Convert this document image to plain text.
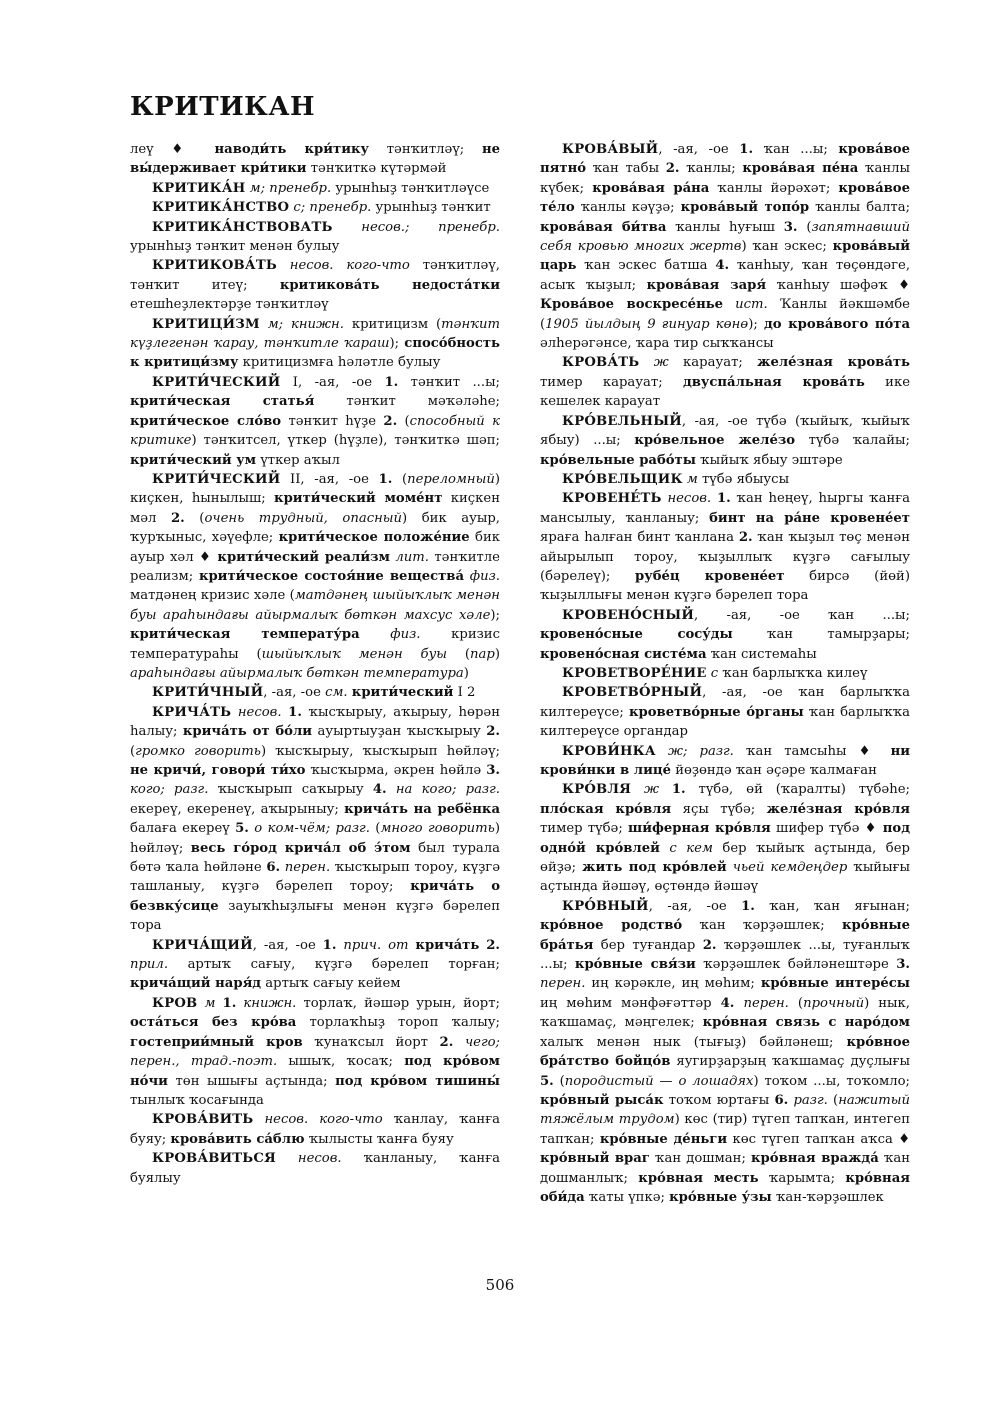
КРИТИКАН

леү ♦ наводи́ть кри́тику тәнҡитләү; не вы́держивает кри́тики тәнҡиткә күтәрмәй

КРИТИКА́Н м; пренебр. урынһыҙ тәнҡитләүсе

КРИТИКА́НСТВО с; пренебр. урынһыҙ тәнҡит

КРИТИКА́НСТВОВАТЬ несов.; пренебр. урынһыҙ тәнҡит менән булыу

КРИТИКОВА́ТЬ несов. кого-что тәнҡитләү, тәнҡит итеү; критикова́ть недоста́тки етешһеҙлектәрҙе тәнҡитләү

КРИТИЦИ́ЗМ м; книжн. критицизм (тәнҡит күҙлегенән ҡарау, тәнҡитле ҡараш); спосо́бность к критици́зму критицизмға һәләтле булыу

КРИТИ́ЧЕСКИЙ I, -ая, -ое 1. тәнҡит ...ы; крити́ческая статья́ тәнҡит мәҡәләһе; крити́ческое сло́во тәнҡит һүҙе 2. (способный к критике) тәнҡитсел, үткер (һүҙле), тәнҡиткә шәп; крити́ческий ум үткер аҡыл

КРИТИ́ЧЕСКИЙ II, -ая, -ое 1. (переломный) киҫкен, һынылыш; крити́ческий моме́нт киҫкен мәл 2. (очень трудный, опасный) бик ауыр, ҡурҡыныс, хәүефле; крити́ческое положе́ние бик ауыр хәл ♦ крити́ческий реали́зм лит. тәнҡитле реализм; крити́ческое состоя́ние вещества́ физ. матдәнең кризис хәле (матдәнең шыйыҡлыҡ менән буы араһындағы айырмалыҡ бөткән махсус хәле); крити́ческая температу́ра физ. кризис температураһы (шыйыҡлыҡ менән буы (пар) араһындағы айырмалыҡ бөткән температура)

КРИТИ́ЧНЫЙ, -ая, -ое см. крити́ческий I 2

КРИЧА́ТЬ несов. 1. ҡысҡырыу, аҡырыу, һөрән һалыу; крича́ть от бо́ли ауыртыуҙан ҡысҡырыу 2. (громко говорить) ҡысҡырыу, ҡысҡырып һөйләү; не кричи́, говори́ ти́хо ҡысҡырма, әкрен һөйлә 3. кого; разг. ҡысҡырып саҡырыу 4. на кого; разг. екереү, екеренеү, аҡырыныу; крича́ть на ребёнка балаға екереү 5. о ком-чём; разг. (много говорить) һөйләү; весь го́род крича́л об э́том был турала бөтә ҡала һөйләне 6. перен. ҡысҡырып тороу, күҙгә ташланыу, күҙгә бәрелеп тороу; крича́ть о безвку́сице зауыҡһыҙлығы менән күҙгә бәрелеп тора

КРИЧА́ЩИЙ, -ая, -ое 1. прич. от крича́ть 2. прил. артыҡ сағыу, күҙгә бәрелеп торған; крича́щий наря́д артыҡ сағыу кейем

КРОВ м 1. книжн. торлаҡ, йәшәр урын, йорт; оста́ться без кро́ва торлаҡһыҙ тороп ҡалыу; гостеприи́мный кров ҡунаҡсыл йорт 2. чего; перен., трад.-поэт. ышыҡ, ҡосаҡ; под кро́вом но́чи төн ышығы аҫтында; под кро́вом тишины́ тынлыҡ ҡосағында

КРОВА́ВИТЬ несов. кого-что ҡанлау, ҡанға буяу; крова́вить са́блю ҡылысты ҡанға буяу

КРОВА́ВИТЬСЯ несов. ҡанланыу, ҡанға буялыу

КРОВА́ВЫЙ, -ая, -ое 1. ҡан ...ы; крова́вое пятно́ ҡан табы 2. ҡанлы; крова́вая пе́на ҡанлы күбек; крова́вая ра́на ҡанлы йәрәхәт; крова́вое те́ло ҡанлы кәүҙә; крова́вый топо́р ҡанлы балта; крова́вая би́тва ҡанлы һуғыш 3. (запятнавший себя кровью многих жертв) ҡан эскес; крова́вый царь ҡан эскес батша 4. ҡанһыу, ҡан төҫөндәге, асыҡ ҡыҙыл; крова́вая заря́ ҡанһыу шәфәҡ ♦ Крова́вое воскресе́нье ист. Ҡанлы йәкшәмбе (1905 йылдың 9 ғинуар көнө); до крова́вого по́та әлһерәгәнсе, ҡара тир сыҡҡансы

КРОВА́ТЬ ж карауат; желе́зная крова́ть тимер карауат; двуспа́льная крова́ть ике кешелек карауат

КРО́ВЕЛЬНЫЙ, -ая, -ое түбә (ҡыйыҡ, ҡыйыҡ ябыу) ...ы; кро́вельное желе́зо түбә ҡалайы; кро́вельные рабо́ты ҡыйыҡ ябыу эштәре

КРО́ВЕЛЬЩИК м түбә ябыусы

КРОВЕНЕ́ТЬ несов. 1. ҡан һеңеү, һыргы ҡанға мансылыу, ҡанланыу; бинт на ра́не кровене́ет ярағa һалған бинт ҡанлана 2. ҡан ҡыҙыл төҫ менән айырылып тороу, ҡыҙыллыҡ күҙгә сағылыу (бәрелеү); рубе́ц кровене́ет бирсә (йөй) ҡыҙыллығы менән күҙгә бәрелеп тора

КРОВЕНО́СНЫЙ, -ая, -ое ҡан ...ы; кровено́сные сосу́ды ҡан тамырҙары; кровено́сная систе́ма ҡан системаһы

КРОВЕТВОРЕ́НИЕ с ҡан барлыҡҡа килеү

КРОВЕТВО́РНЫЙ, -ая, -ое ҡан барлыҡҡа килтереүсе; кроветво́рные о́рганы ҡан барлыҡҡа килтереүсе органдар

КРОВИ́НКА ж; разг. ҡан тамсыһы ♦ ни крови́нки в лице́ йөҙөндә ҡан әҫәре ҡалмаған

КРО́ВЛЯ ж 1. түбә, өй (ҡаралты) түбәһе; пло́ская кро́вля яҫы түбә; желе́зная кро́вля тимер түбә; ши́ферная кро́вля шифер түбә ♦ под одно́й кро́влей с кем бер ҡыйыҡ аҫтында, бер өйҙә; жить под кро́влей чьей кемдеңдер ҡыйығы аҫтында йәшәү, өҫтөндә йәшәү

КРО́ВНЫЙ, -ая, -ое 1. ҡан, ҡан яғынан; кро́вное родство́ ҡан ҡәрҙәшлек; кро́вные бра́тья бер туғандар 2. ҡәрҙәшлек ...ы, туғанлыҡ ...ы; кро́вные свя́зи ҡәрҙәшлек бәйләнештәре 3. перен. иң кәрәкле, иң мөһим; кро́вные интере́сы иң мөһим мәнфәғәттәр 4. перен. (прочный) нык, ҡаҡшамаҫ, мәңгелек; кро́вная связь с наро́дом халыҡ менән нык (тығыҙ) бәйләнеш; кро́вное бра́тство бойцо́в яугирҙарҙың ҡаҡшамаҫ дуҫлығы 5. (породистый — о лошадях) тоҡом ...ы, тоҡомло; кро́вный рыса́к тоҡом юртағы 6. разг. (нажитый тяжёлым трудом) көс (тир) түгеп тапҡан, интегеп тапҡан; кро́вные де́ньги көс түгеп тапҡан аҡса ♦ кро́вный враг ҡан дошман; кро́вная вражда́ ҡан дошманлыҡ; кро́вная месть ҡарымта; кро́вная оби́да ҡаты үпкә; кро́вные у́зы ҡан-ҡәрҙәшлек

506
